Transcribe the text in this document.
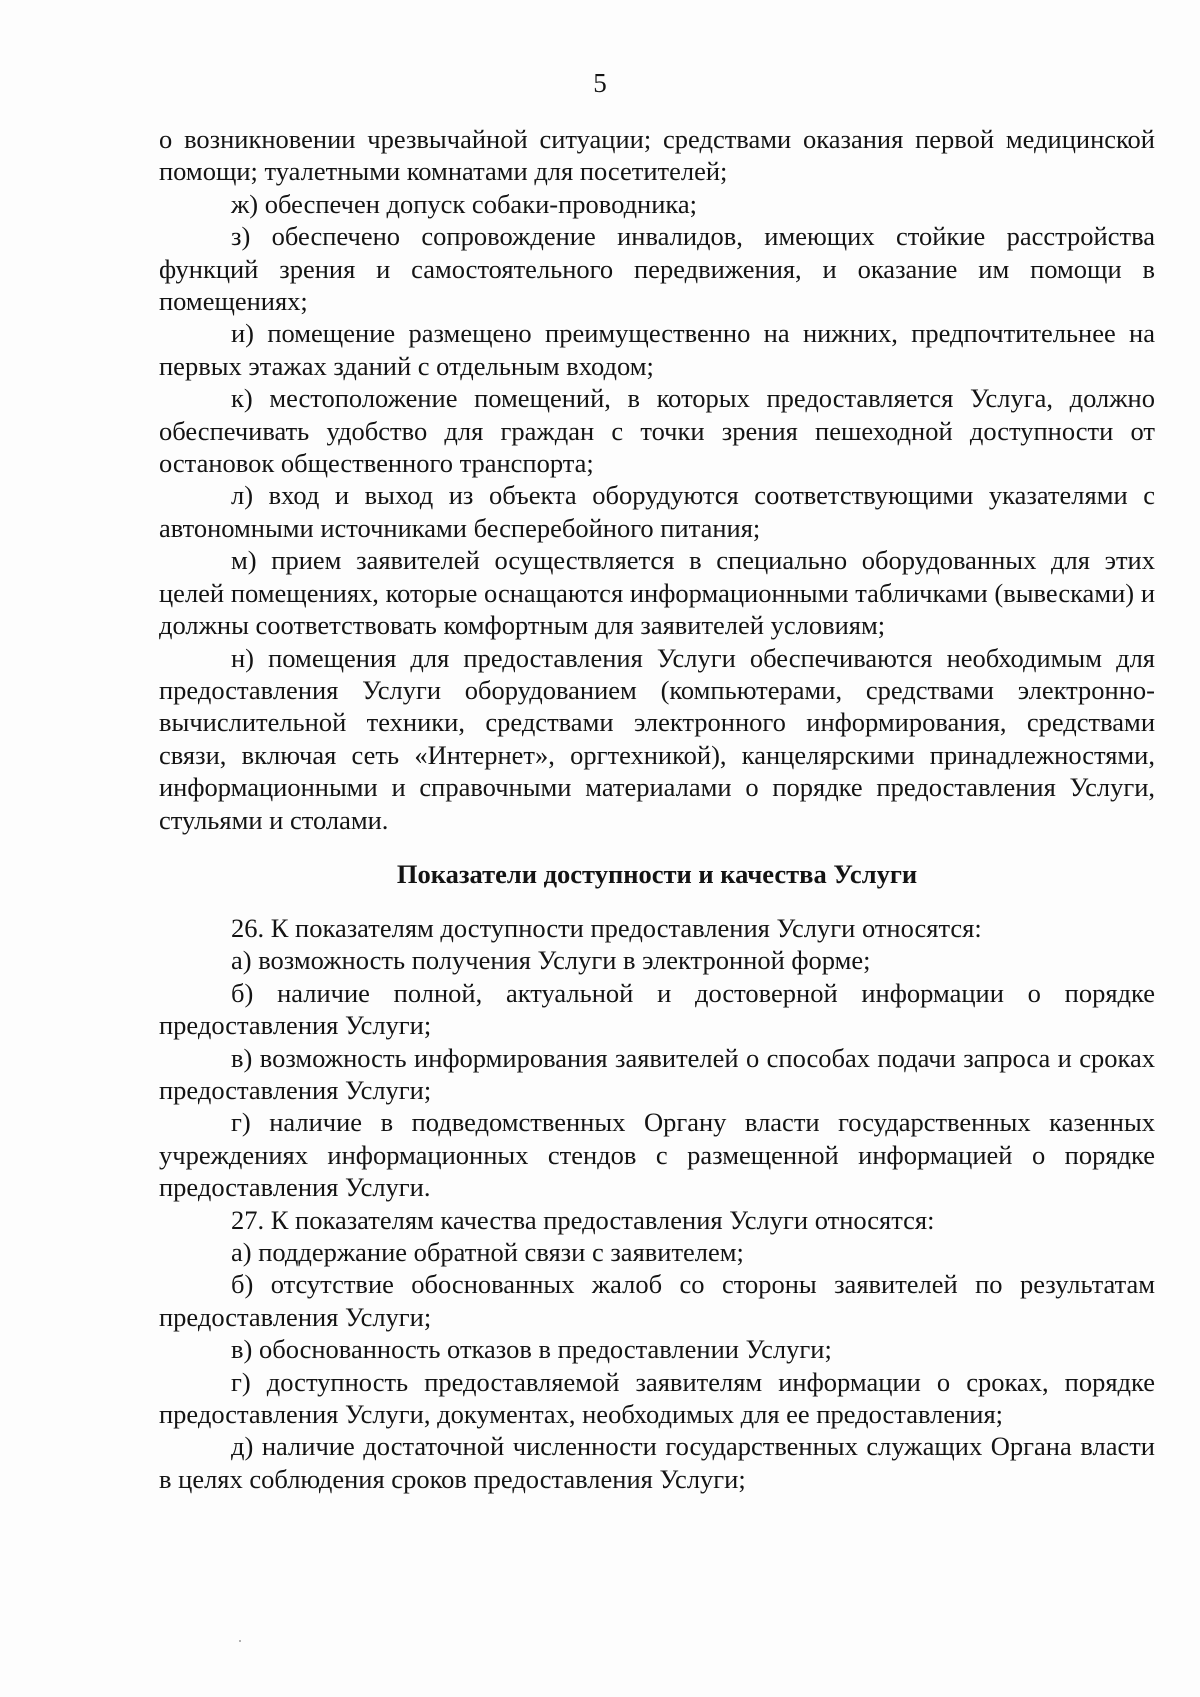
5

о возникновении чрезвычайной ситуации; средствами оказания первой медицинской помощи; туалетными комнатами для посетителей;

ж) обеспечен допуск собаки-проводника;

з) обеспечено сопровождение инвалидов, имеющих стойкие расстройства функций зрения и самостоятельного передвижения, и оказание им помощи в помещениях;

и) помещение размещено преимущественно на нижних, предпочтительнее на первых этажах зданий с отдельным входом;

к) местоположение помещений, в которых предоставляется Услуга, должно обеспечивать удобство для граждан с точки зрения пешеходной доступности от остановок общественного транспорта;

л) вход и выход из объекта оборудуются соответствующими указателями с автономными источниками бесперебойного питания;

м) прием заявителей осуществляется в специально оборудованных для этих целей помещениях, которые оснащаются информационными табличками (вывесками) и должны соответствовать комфортным для заявителей условиям;

н) помещения для предоставления Услуги обеспечиваются необходимым для предоставления Услуги оборудованием (компьютерами, средствами электронно-вычислительной техники, средствами электронного информирования, средствами связи, включая сеть «Интернет», оргтехникой), канцелярскими принадлежностями, информационными и справочными материалами о порядке предоставления Услуги, стульями и столами.

Показатели доступности и качества Услуги

26. К показателям доступности предоставления Услуги относятся:

а) возможность получения Услуги в электронной форме;

б) наличие полной, актуальной и достоверной информации о порядке предоставления Услуги;

в) возможность информирования заявителей о способах подачи запроса и сроках предоставления Услуги;

г) наличие в подведомственных Органу власти государственных казенных учреждениях информационных стендов с размещенной информацией о порядке предоставления Услуги.

27. К показателям качества предоставления Услуги относятся:

а) поддержание обратной связи с заявителем;

б) отсутствие обоснованных жалоб со стороны заявителей по результатам предоставления Услуги;

в) обоснованность отказов в предоставлении Услуги;

г) доступность предоставляемой заявителям информации о сроках, порядке предоставления Услуги, документах, необходимых для ее предоставления;

д) наличие достаточной численности государственных служащих Органа власти в целях соблюдения сроков предоставления Услуги;
